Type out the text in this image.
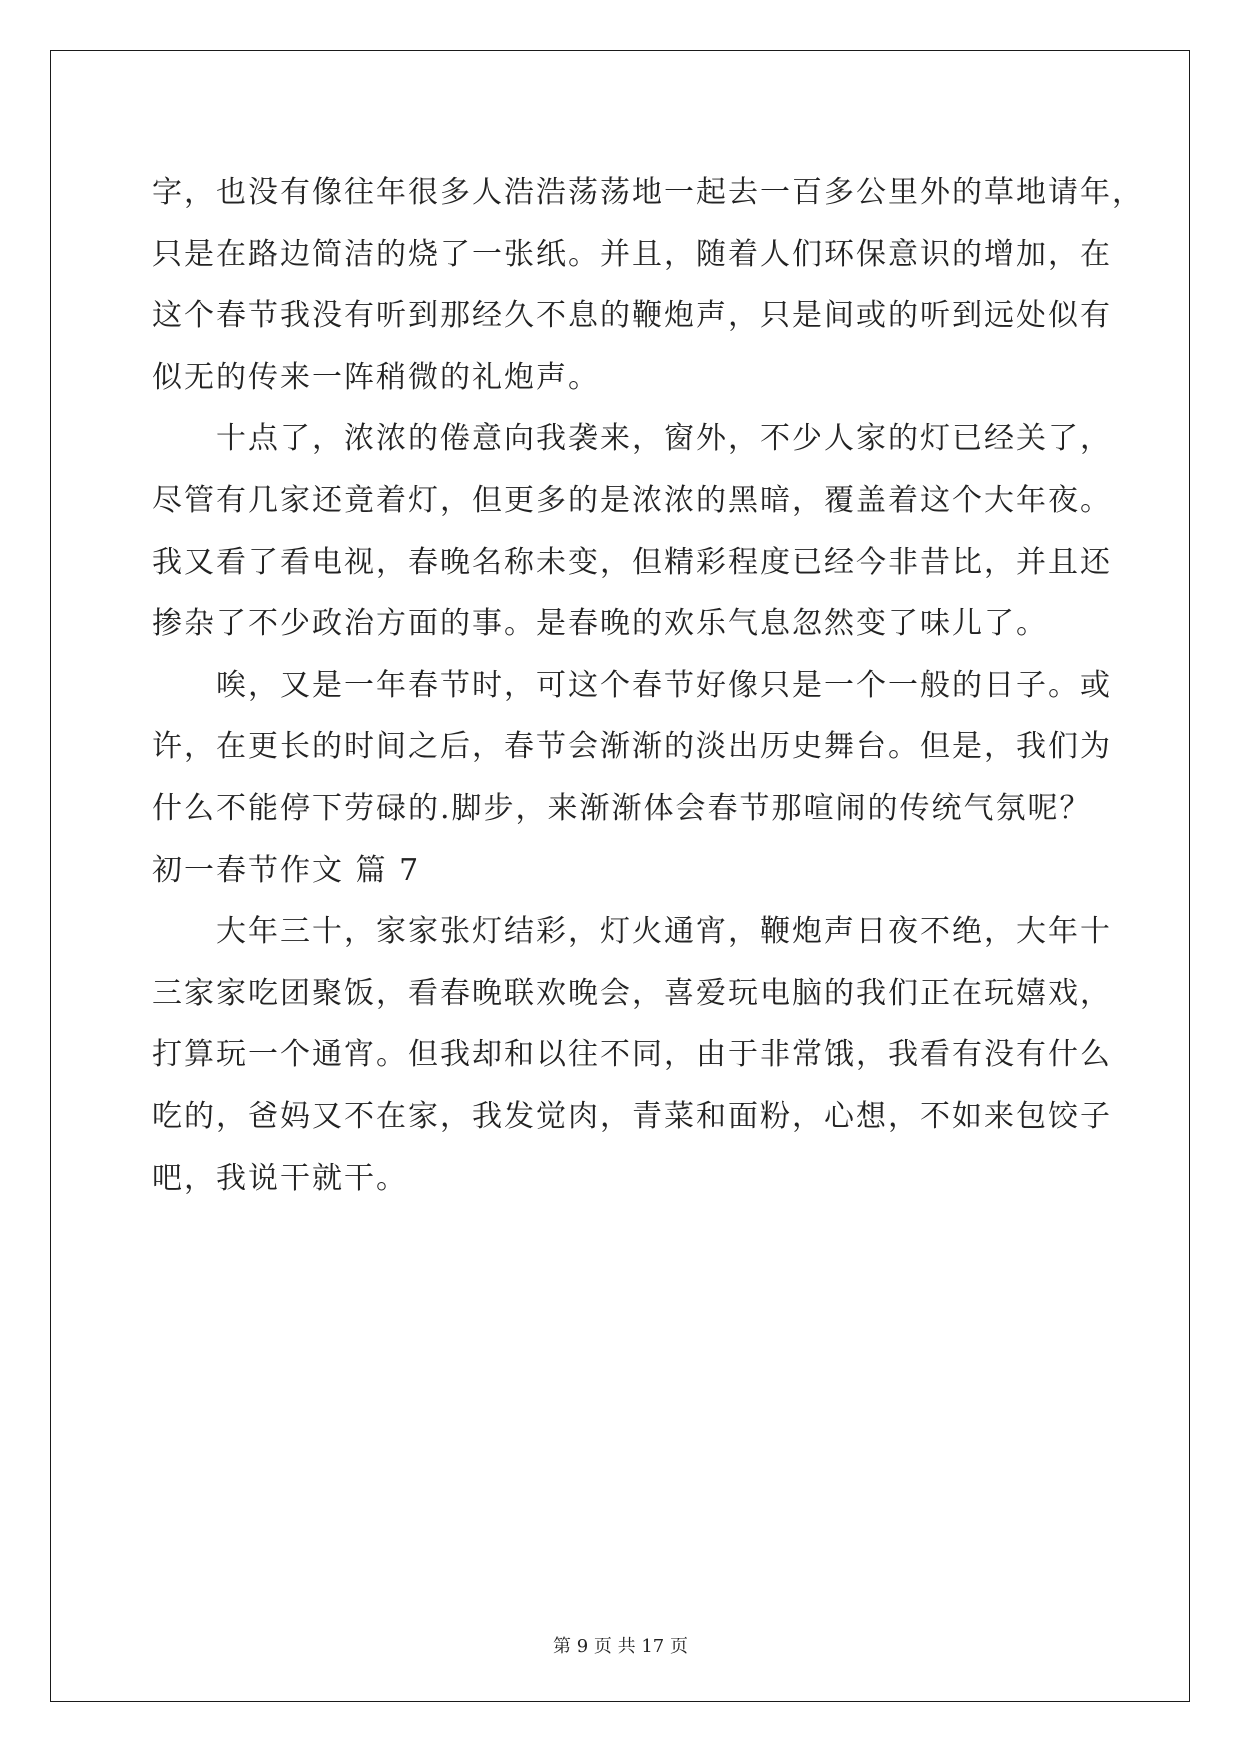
字，也没有像往年很多人浩浩荡荡地一起去一百多公里外的草地请年，
只是在路边简洁的烧了一张纸。并且，随着人们环保意识的增加，在
这个春节我没有听到那经久不息的鞭炮声，只是间或的听到远处似有
似无的传来一阵稍微的礼炮声。
十点了，浓浓的倦意向我袭来，窗外，不少人家的灯已经关了，
尽管有几家还竟着灯，但更多的是浓浓的黑暗，覆盖着这个大年夜。
我又看了看电视，春晚名称未变，但精彩程度已经今非昔比，并且还
掺杂了不少政治方面的事。是春晚的欢乐气息忽然变了味儿了。
唉，又是一年春节时，可这个春节好像只是一个一般的日子。或
许，在更长的时间之后，春节会渐渐的淡出历史舞台。但是，我们为
什么不能停下劳碌的.脚步，来渐渐体会春节那喧闹的传统气氛呢？
初一春节作文 篇 7
大年三十，家家张灯结彩，灯火通宵，鞭炮声日夜不绝，大年十
三家家吃团聚饭，看春晚联欢晚会，喜爱玩电脑的我们正在玩嬉戏，
打算玩一个通宵。但我却和以往不同，由于非常饿，我看有没有什么
吃的，爸妈又不在家，我发觉肉，青菜和面粉，心想，不如来包饺子
吧，我说干就干。
第 9 页 共 17 页
